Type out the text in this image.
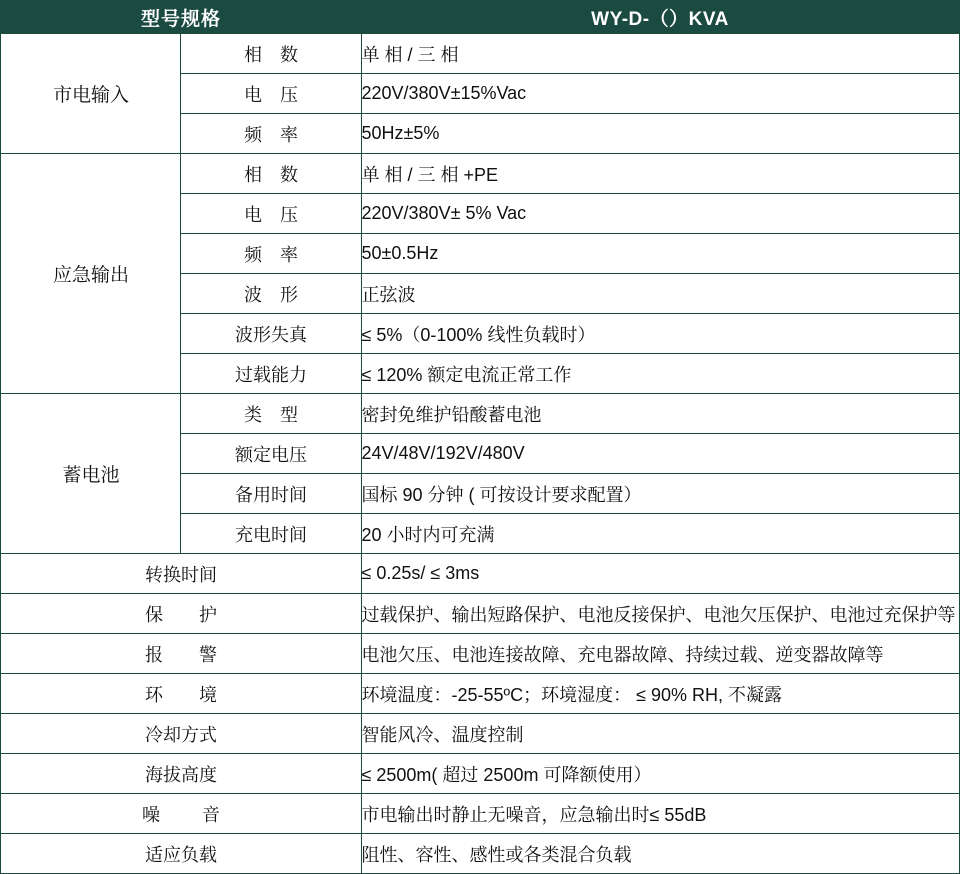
型号规格		WY-D-（）KVA
市电输入	相　数	单 相 / 三 相
	电　压	220V/380V±15%Vac
	频　率	50Hz±5%
应急输出	相　数	单 相 / 三 相 +PE
	电　压	220V/380V± 5% Vac
	频　率	50±0.5Hz
	波　形	正弦波
	波形失真	≤ 5%（0-100% 线性负载时）
	过载能力	≤ 120% 额定电流正常工作
蓄电池	类　型	密封免维护铅酸蓄电池
	额定电压	24V/48V/192V/480V
	备用时间	国标 90 分钟 ( 可按设计要求配置）
	充电时间	20 小时内可充满
转换时间		≤ 0.25s/ ≤ 3ms
保　　护		过载保护、输出短路保护、电池反接保护、电池欠压保护、电池过充保护等
报　　警		电池欠压、电池连接故障、充电器故障、持续过载、逆变器故障等
环　　境		环境温度：-25-55ºC；环境湿度： ≤ 90% RH, 不凝露
冷却方式		智能风冷、温度控制
海拔高度		≤ 2500m( 超过 2500m 可降额使用）
噪　音		市电输出时静止无噪音，应急输出时≤ 55dB
适应负载		阻性、容性、感性或各类混合负载
